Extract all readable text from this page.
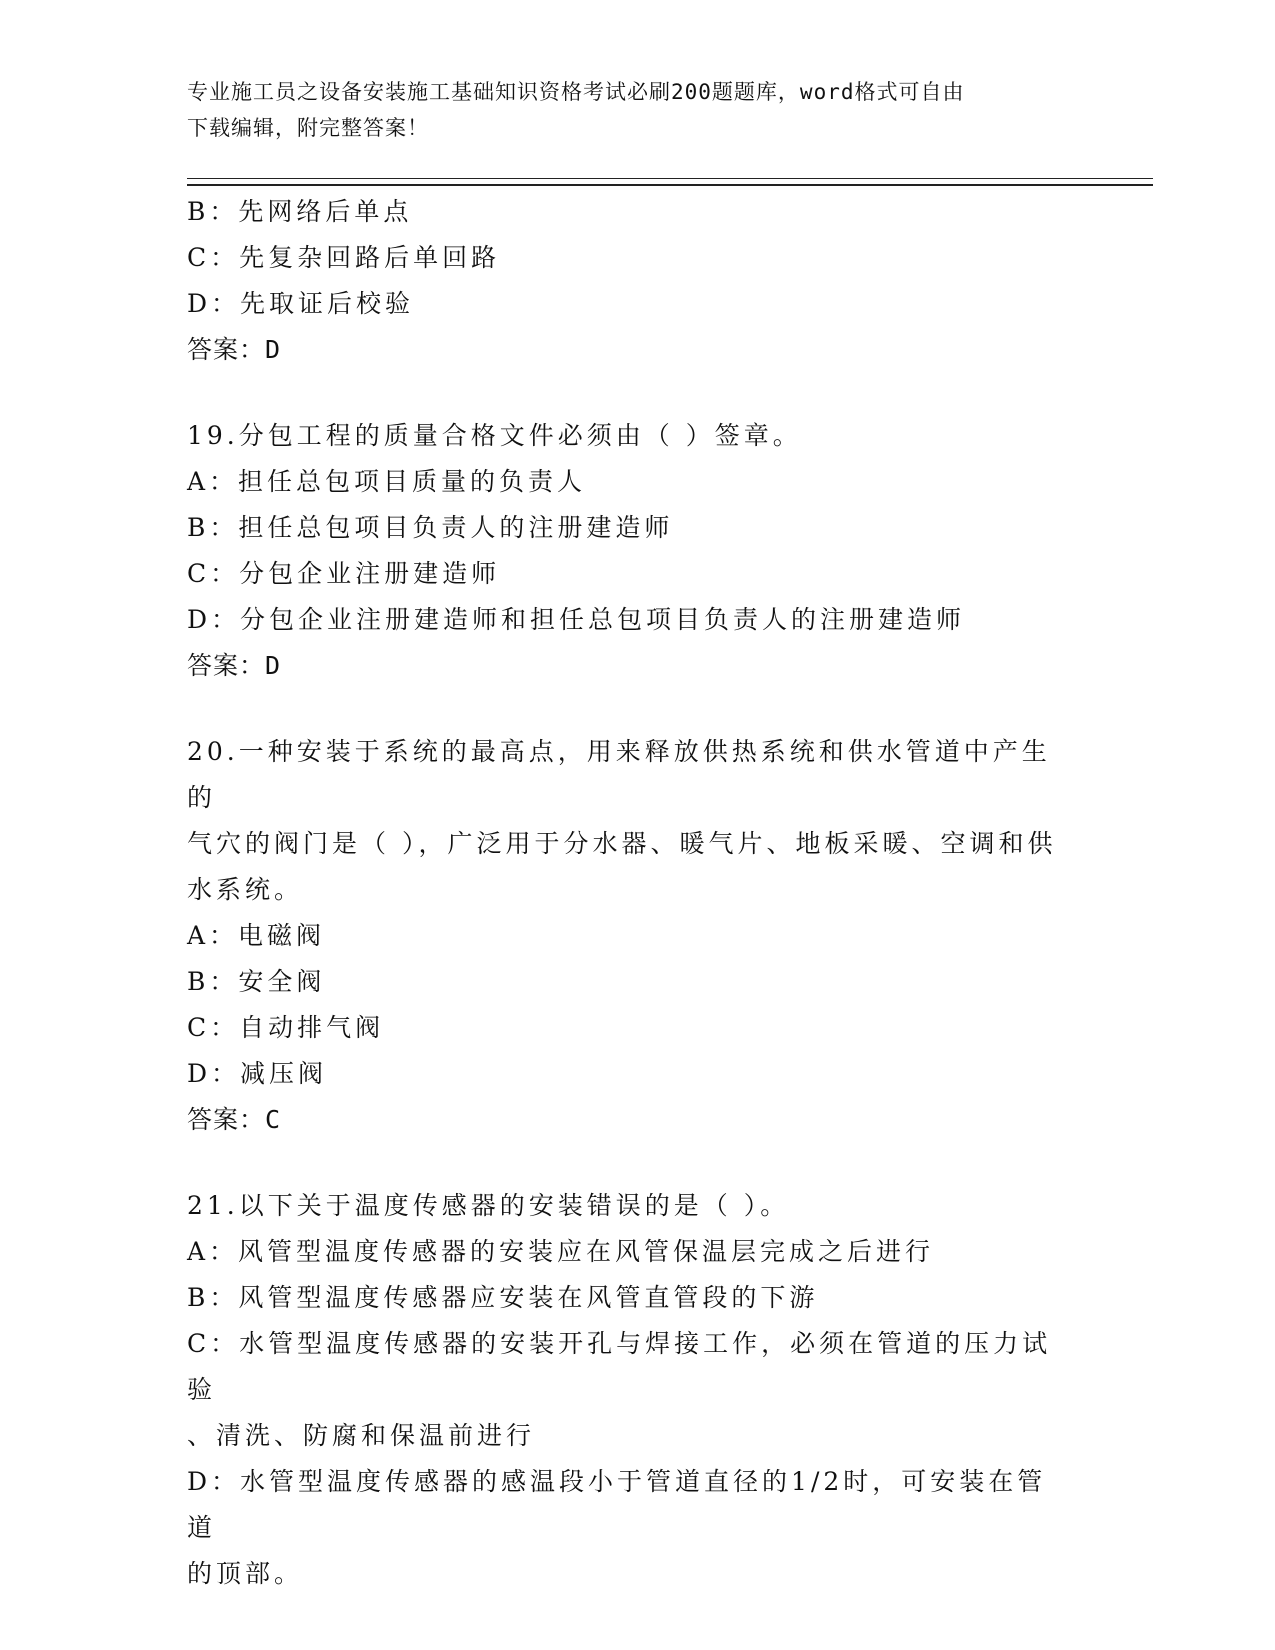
专业施工员之设备安装施工基础知识资格考试必刷200题题库，word格式可自由
下载编辑，附完整答案！
B：先网络后单点
C：先复杂回路后单回路
D：先取证后校验
答案：D
19.分包工程的质量合格文件必须由（ ）签章。
A：担任总包项目质量的负责人
B：担任总包项目负责人的注册建造师
C：分包企业注册建造师
D：分包企业注册建造师和担任总包项目负责人的注册建造师
答案：D
20.一种安装于系统的最高点，用来释放供热系统和供水管道中产生的
气穴的阀门是（ ），广泛用于分水器、暖气片、地板采暖、空调和供
水系统。
A：电磁阀
B：安全阀
C：自动排气阀
D：减压阀
答案：C
21.以下关于温度传感器的安装错误的是（ ）。
A：风管型温度传感器的安装应在风管保温层完成之后进行
B：风管型温度传感器应安装在风管直管段的下游
C：水管型温度传感器的安装开孔与焊接工作，必须在管道的压力试验
、清洗、防腐和保温前进行
D：水管型温度传感器的感温段小于管道直径的1/2时，可安装在管道
的顶部。
